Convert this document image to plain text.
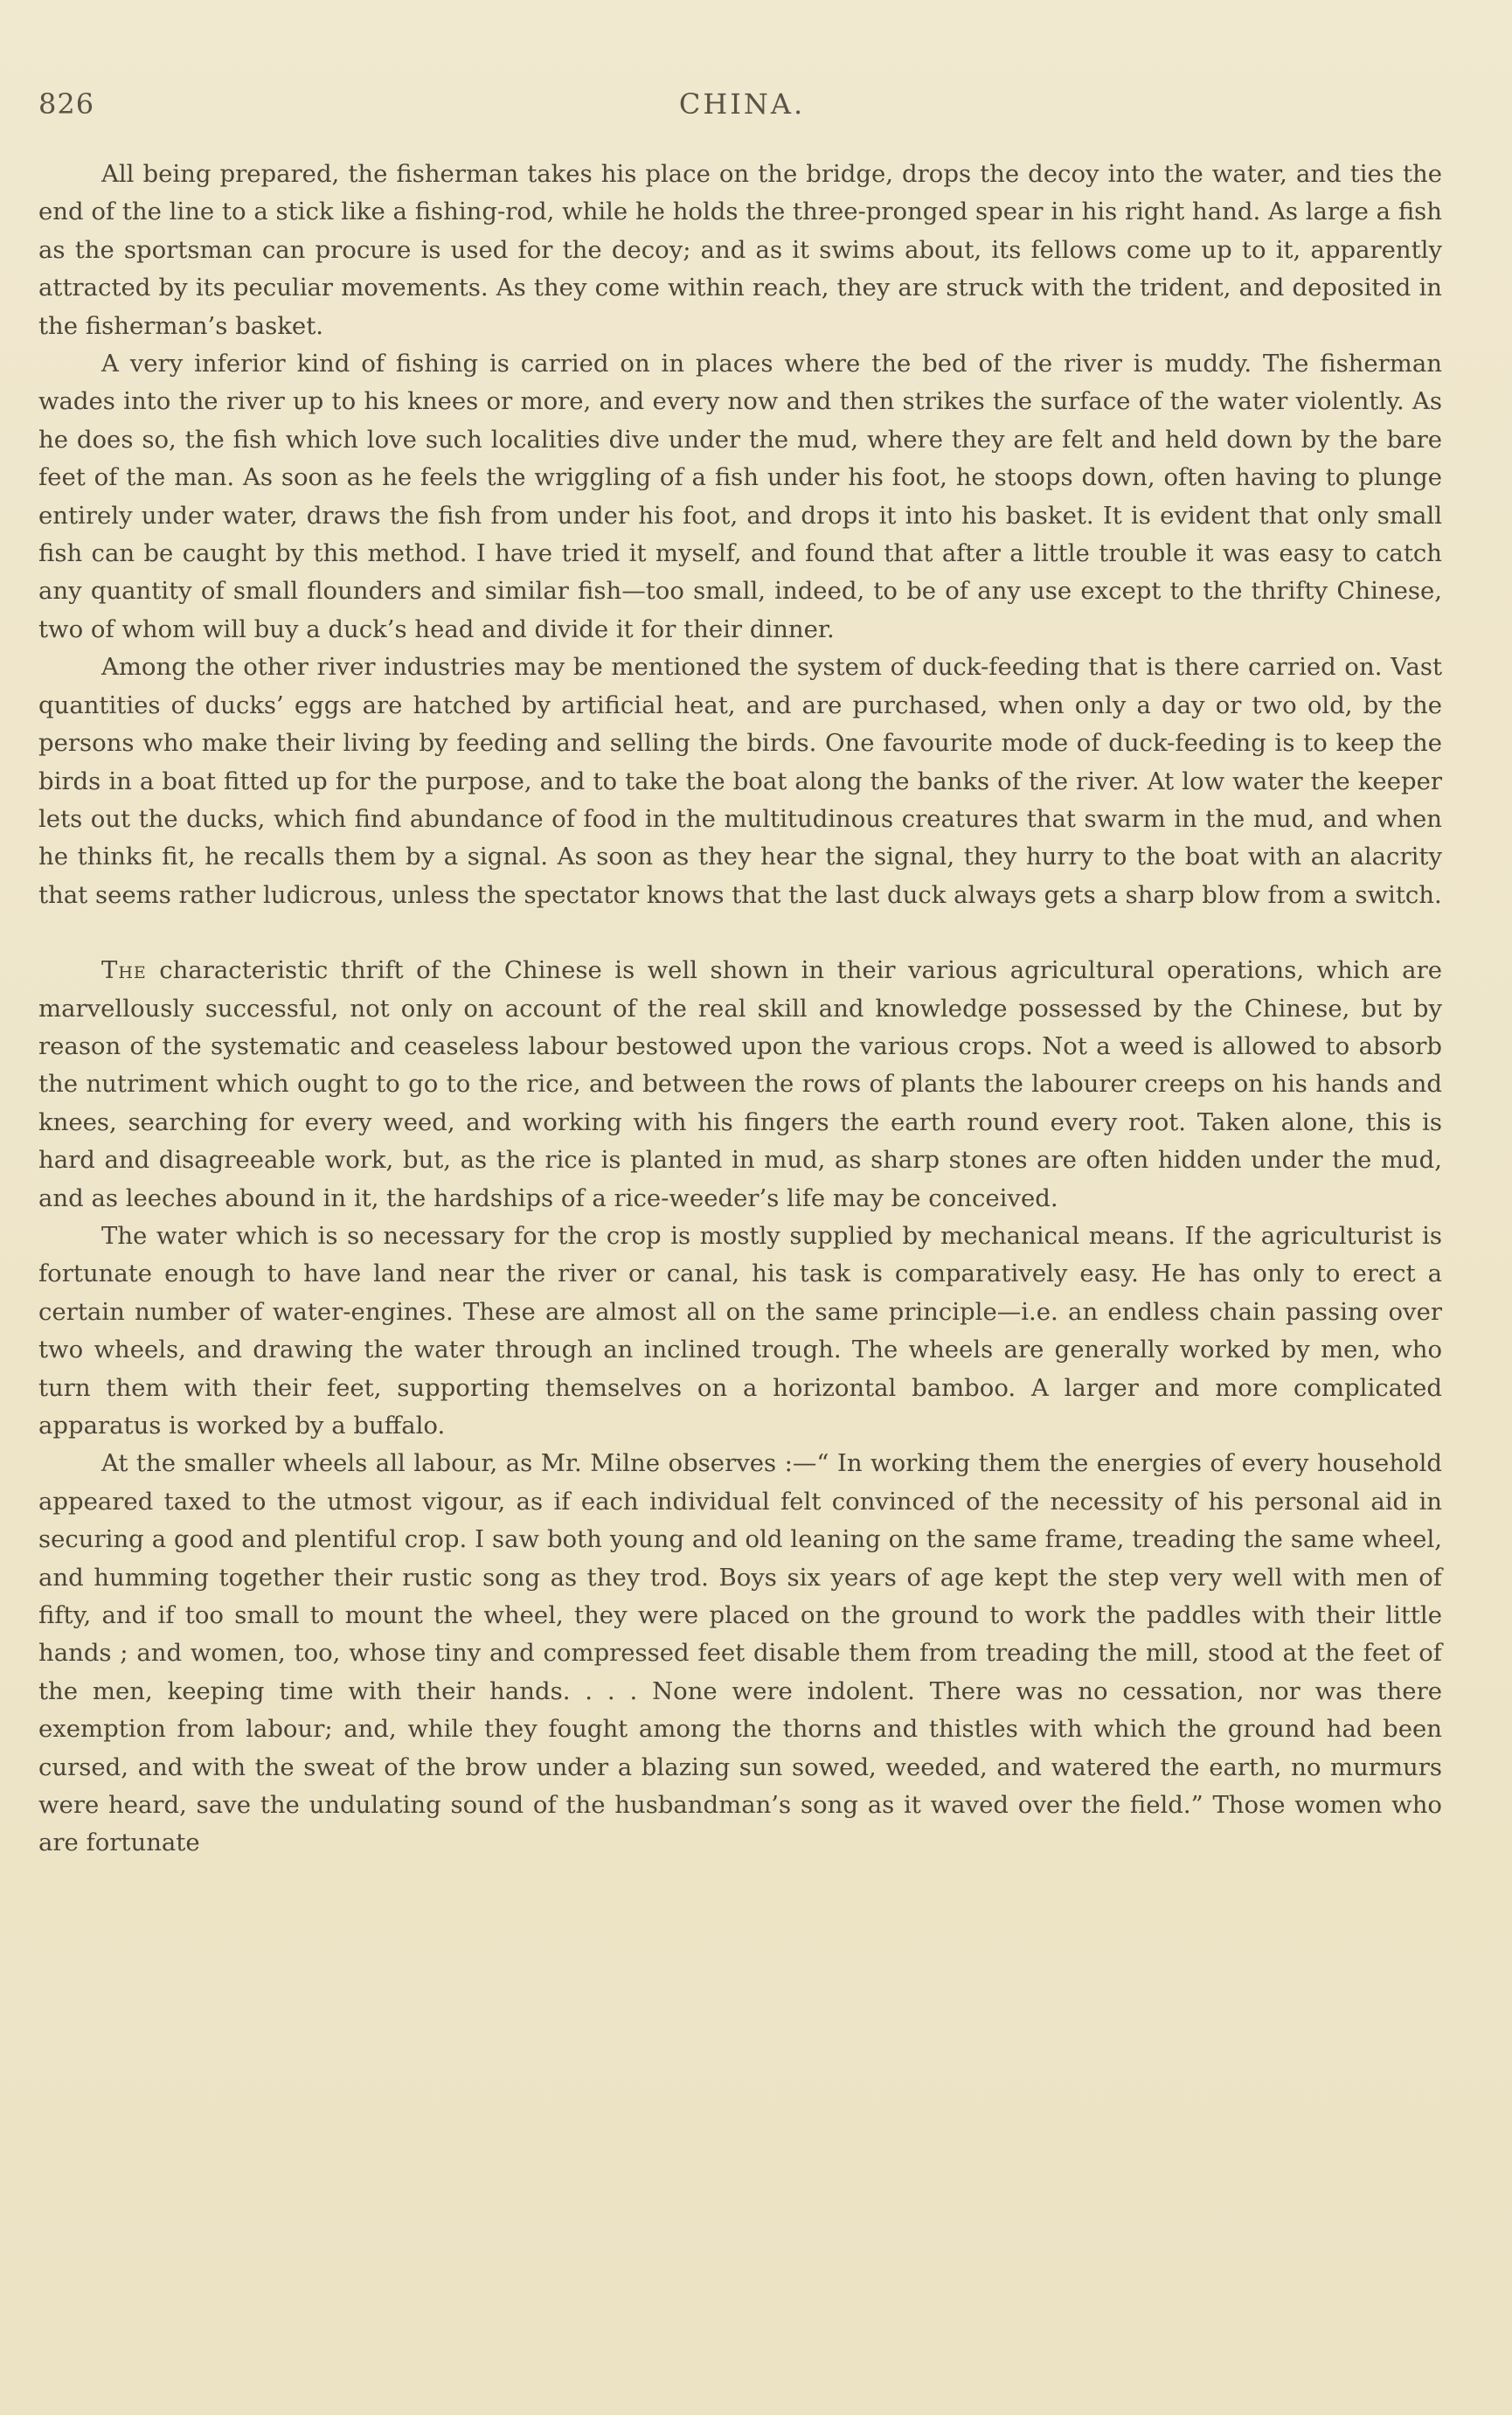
826	CHINA.

All being prepared, the fisherman takes his place on the bridge, drops the decoy into the water, and ties the end of the line to a stick like a fishing-rod, while he holds the three-pronged spear in his right hand. As large a fish as the sportsman can procure is used for the decoy; and as it swims about, its fellows come up to it, apparently attracted by its peculiar movements. As they come within reach, they are struck with the trident, and deposited in the fisherman’s basket.

A very inferior kind of fishing is carried on in places where the bed of the river is muddy. The fisherman wades into the river up to his knees or more, and every now and then strikes the surface of the water violently. As he does so, the fish which love such localities dive under the mud, where they are felt and held down by the bare feet of the man. As soon as he feels the wriggling of a fish under his foot, he stoops down, often having to plunge entirely under water, draws the fish from under his foot, and drops it into his basket. It is evident that only small fish can be caught by this method. I have tried it myself, and found that after a little trouble it was easy to catch any quantity of small flounders and similar fish—too small, indeed, to be of any use except to the thrifty Chinese, two of whom will buy a duck’s head and divide it for their dinner.

Among the other river industries may be mentioned the system of duck-feeding that is there carried on. Vast quantities of ducks’ eggs are hatched by artificial heat, and are purchased, when only a day or two old, by the persons who make their living by feeding and selling the birds. One favourite mode of duck-feeding is to keep the birds in a boat fitted up for the purpose, and to take the boat along the banks of the river. At low water the keeper lets out the ducks, which find abundance of food in the multitudinous creatures that swarm in the mud, and when he thinks fit, he recalls them by a signal. As soon as they hear the signal, they hurry to the boat with an alacrity that seems rather ludicrous, unless the spectator knows that the last duck always gets a sharp blow from a switch.

The characteristic thrift of the Chinese is well shown in their various agricultural operations, which are marvellously successful, not only on account of the real skill and knowledge possessed by the Chinese, but by reason of the systematic and ceaseless labour bestowed upon the various crops. Not a weed is allowed to absorb the nutriment which ought to go to the rice, and between the rows of plants the labourer creeps on his hands and knees, searching for every weed, and working with his fingers the earth round every root. Taken alone, this is hard and disagreeable work, but, as the rice is planted in mud, as sharp stones are often hidden under the mud, and as leeches abound in it, the hardships of a rice-weeder’s life may be conceived.

The water which is so necessary for the crop is mostly supplied by mechanical means. If the agriculturist is fortunate enough to have land near the river or canal, his task is comparatively easy. He has only to erect a certain number of water-engines. These are almost all on the same principle—i.e. an endless chain passing over two wheels, and drawing the water through an inclined trough. The wheels are generally worked by men, who turn them with their feet, supporting themselves on a horizontal bamboo. A larger and more complicated apparatus is worked by a buffalo.

At the smaller wheels all labour, as Mr. Milne observes :—“ In working them the energies of every household appeared taxed to the utmost vigour, as if each individual felt convinced of the necessity of his personal aid in securing a good and plentiful crop. I saw both young and old leaning on the same frame, treading the same wheel, and humming together their rustic song as they trod. Boys six years of age kept the step very well with men of fifty, and if too small to mount the wheel, they were placed on the ground to work the paddles with their little hands ; and women, too, whose tiny and compressed feet disable them from treading the mill, stood at the feet of the men, keeping time with their hands. . . . None were indolent. There was no cessation, nor was there exemption from labour; and, while they fought among the thorns and thistles with which the ground had been cursed, and with the sweat of the brow under a blazing sun sowed, weeded, and watered the earth, no murmurs were heard, save the undulating sound of the husbandman’s song as it waved over the field.” Those women who are fortunate
